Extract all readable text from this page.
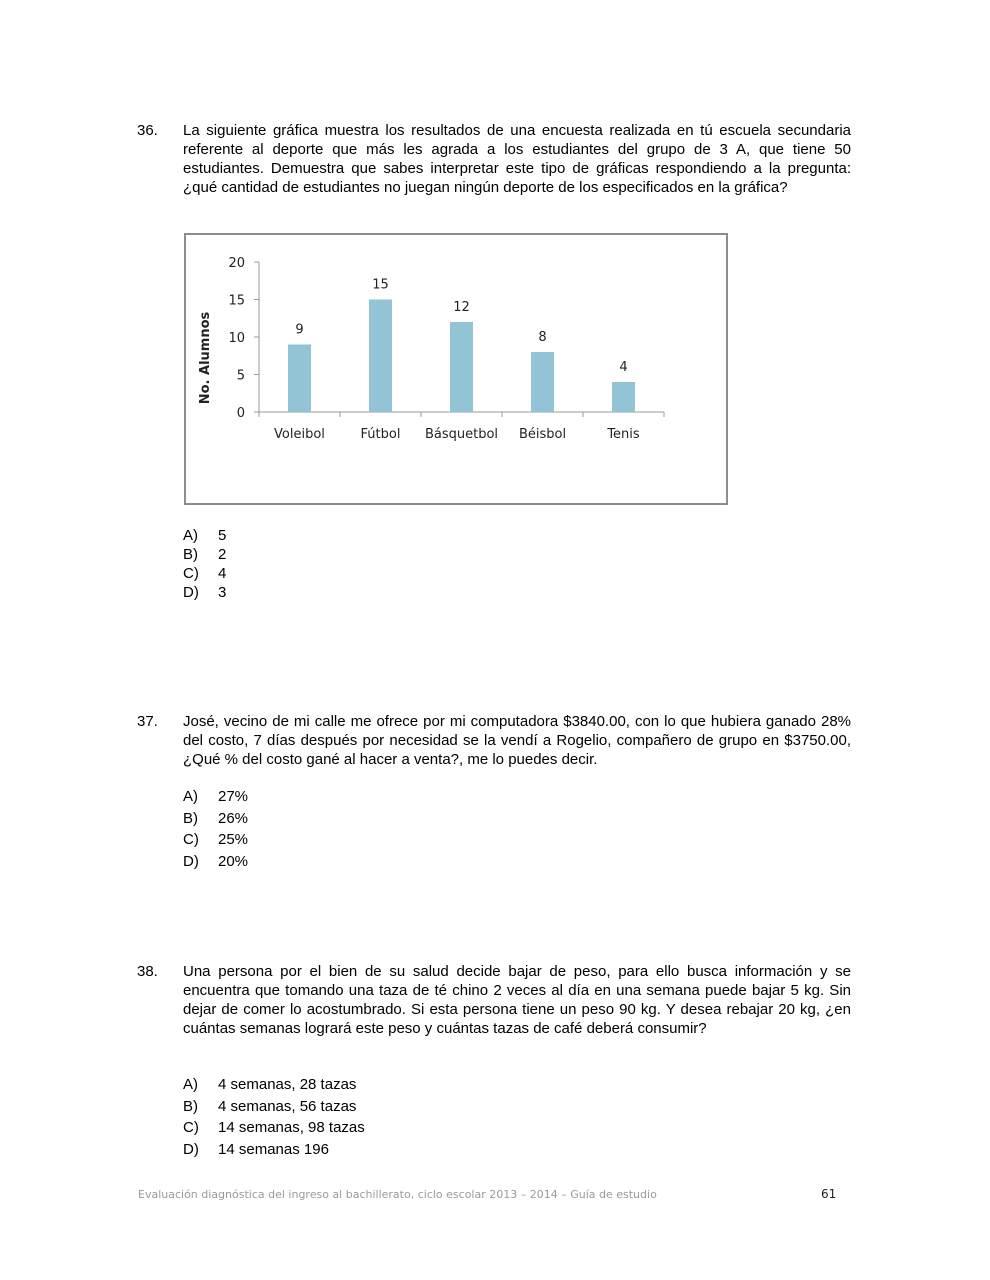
36. La siguiente gráfica muestra los resultados de una encuesta realizada en tú escuela secundaria referente al deporte que más les agrada a los estudiantes del grupo de 3 A, que tiene 50 estudiantes. Demuestra que sabes interpretar este tipo de gráficas respondiendo a la pregunta: ¿qué cantidad de estudiantes no juegan ningún deporte de los especificados en la gráfica?

No. Alumnos
0
5
10
15
20
9
Voleibol
15
Fútbol
12
Básquetbol
8
Béisbol
4
Tenis
A)	5
B)	2
C)	4
D)	3
37. José, vecino de mi calle me ofrece por mi computadora $3840.00, con lo que hubiera ganado 28% del costo, 7 días después por necesidad se la vendí a Rogelio, compañero de grupo en $3750.00, ¿Qué % del costo gané al hacer a venta?, me lo puedes decir.

A)	27%
B)	26%
C)	25%
D)	20%
38. Una persona por el bien de su salud decide bajar de peso, para ello busca información y se encuentra que tomando una taza de té chino 2 veces al día en una semana puede bajar 5 kg. Sin dejar de comer lo acostumbrado. Si esta persona tiene un peso 90 kg. Y desea rebajar 20 kg, ¿en cuántas semanas logrará este peso y cuántas tazas de café deberá consumir?

A)	4 semanas, 28 tazas
B)	4 semanas, 56 tazas
C)	14 semanas, 98 tazas
D)	14 semanas 196
Evaluación diagnóstica del ingreso al bachillerato, ciclo escolar 2013 – 2014 – Guía de estudio	61
